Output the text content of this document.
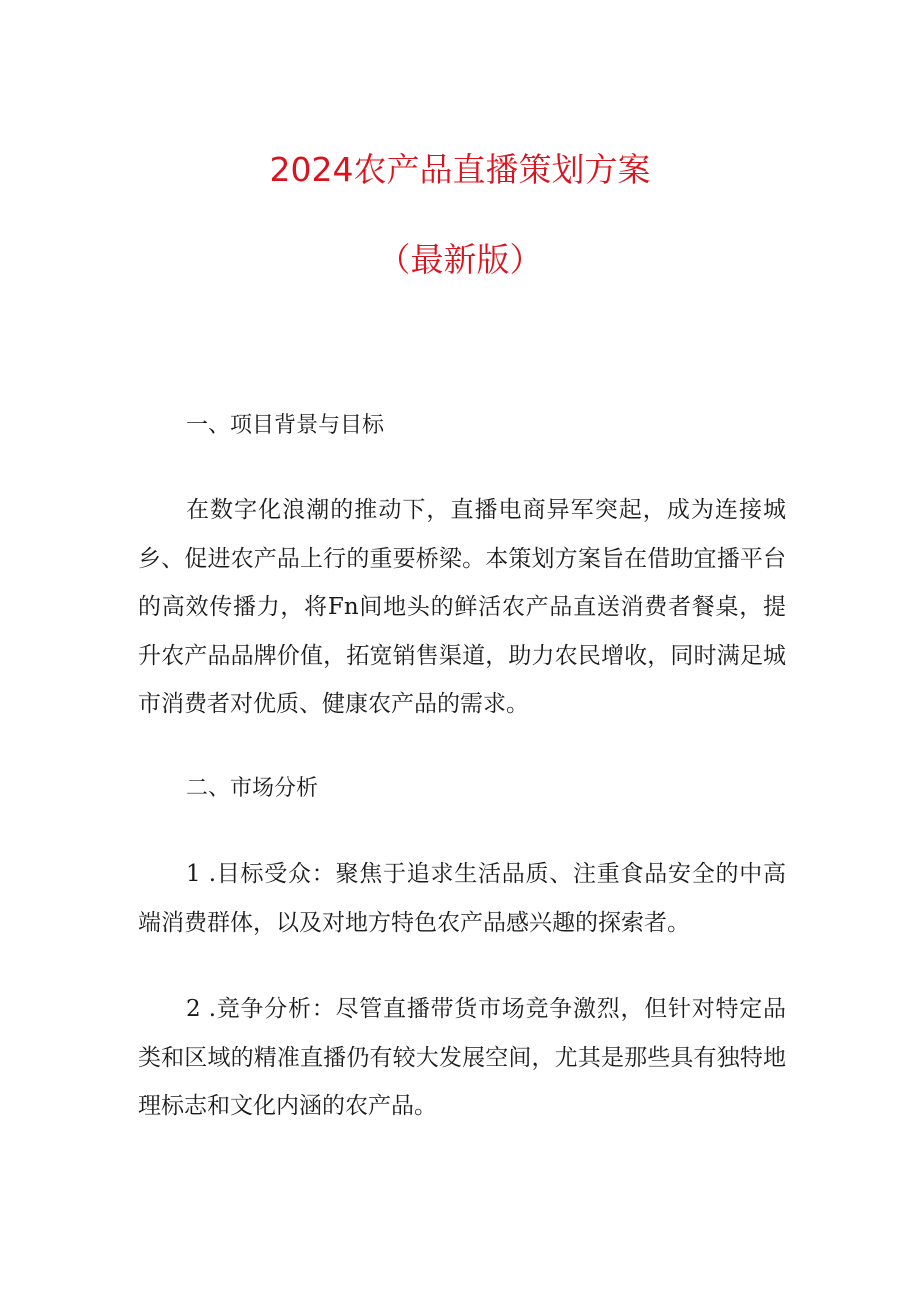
2024农产品直播策划方案
（最新版）
一、项目背景与目标

在数字化浪潮的推动下，直播电商异军突起，成为连接城乡、促进农产品上行的重要桥梁。本策划方案旨在借助宜播平台的高效传播力，将Fn间地头的鲜活农产品直送消费者餐桌，提升农产品品牌价值，拓宽销售渠道，助力农民增收，同时满足城市消费者对优质、健康农产品的需求。

二、市场分析

1 .目标受众：聚焦于追求生活品质、注重食品安全的中高端消费群体，以及对地方特色农产品感兴趣的探索者。

2 .竞争分析：尽管直播带货市场竞争激烈，但针对特定品类和区域的精准直播仍有较大发展空间，尤其是那些具有独特地理标志和文化内涵的农产品。
